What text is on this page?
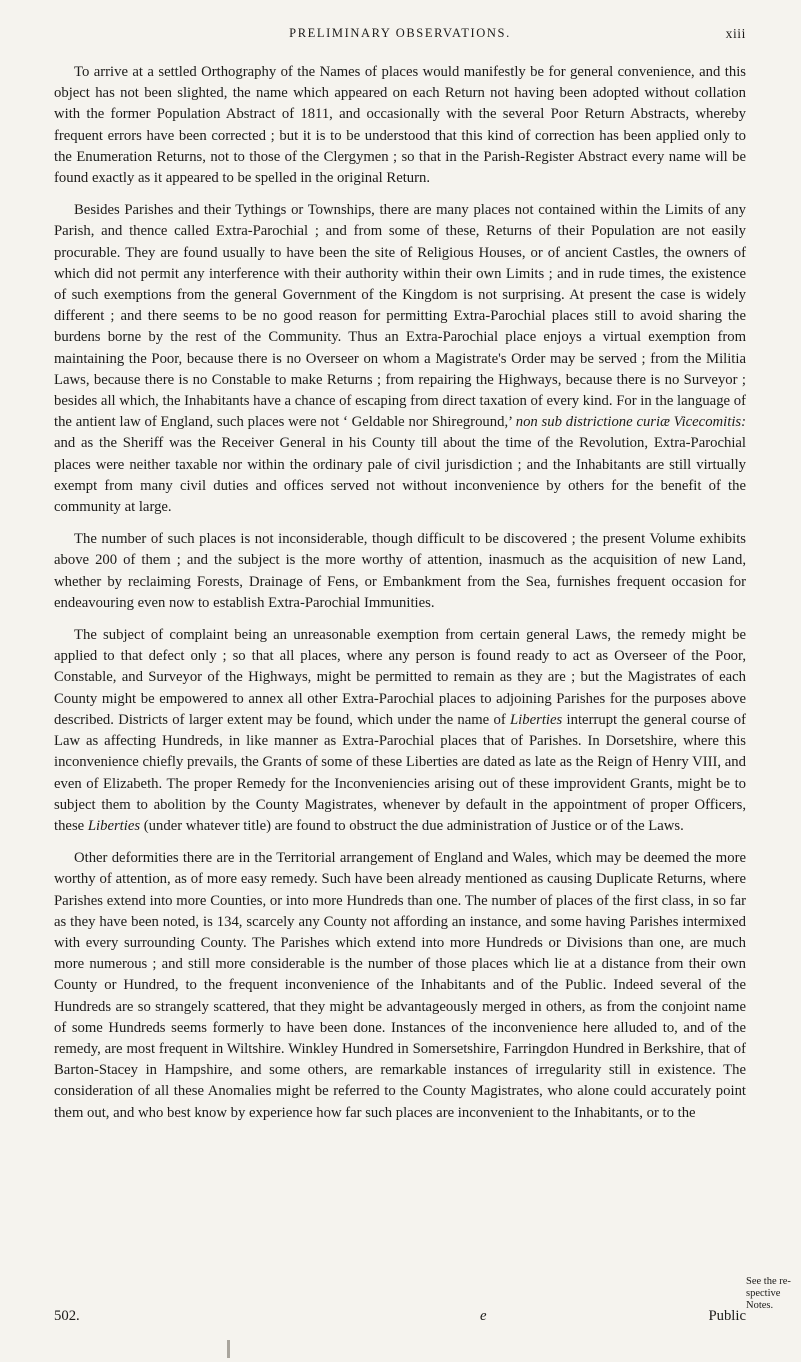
PRELIMINARY OBSERVATIONS.	xiii

To arrive at a settled Orthography of the Names of places would manifestly be for general convenience, and this object has not been slighted, the name which appeared on each Return not having been adopted without collation with the former Population Abstract of 1811, and occasionally with the several Poor Return Abstracts, whereby frequent errors have been corrected ; but it is to be understood that this kind of correction has been applied only to the Enumeration Returns, not to those of the Clergymen ; so that in the Parish-Register Abstract every name will be found exactly as it appeared to be spelled in the original Return.

Besides Parishes and their Tythings or Townships, there are many places not contained within the Limits of any Parish, and thence called Extra-Parochial ; and from some of these, Returns of their Population are not easily procurable. They are found usually to have been the site of Religious Houses, or of ancient Castles, the owners of which did not permit any interference with their authority within their own Limits ; and in rude times, the existence of such exemptions from the general Government of the Kingdom is not surprising. At present the case is widely different ; and there seems to be no good reason for permitting Extra-Parochial places still to avoid sharing the burdens borne by the rest of the Community. Thus an Extra-Parochial place enjoys a virtual exemption from maintaining the Poor, because there is no Overseer on whom a Magistrate's Order may be served ; from the Militia Laws, because there is no Constable to make Returns ; from repairing the Highways, because there is no Surveyor ; besides all which, the Inhabitants have a chance of escaping from direct taxation of every kind. For in the language of the antient law of England, such places were not ‘ Geldable nor Shireground,’ non sub districtione curiæ Vicecomitis: and as the Sheriff was the Receiver General in his County till about the time of the Revolution, Extra-Parochial places were neither taxable nor within the ordinary pale of civil jurisdiction ; and the Inhabitants are still virtually exempt from many civil duties and offices served not without inconvenience by others for the benefit of the community at large.

The number of such places is not inconsiderable, though difficult to be discovered ; the present Volume exhibits above 200 of them ; and the subject is the more worthy of attention, inasmuch as the acquisition of new Land, whether by reclaiming Forests, Drainage of Fens, or Embankment from the Sea, furnishes frequent occasion for endeavouring even now to establish Extra-Parochial Immunities.

The subject of complaint being an unreasonable exemption from certain general Laws, the remedy might be applied to that defect only ; so that all places, where any person is found ready to act as Overseer of the Poor, Constable, and Surveyor of the Highways, might be permitted to remain as they are ; but the Magistrates of each County might be empowered to annex all other Extra-Parochial places to adjoining Parishes for the purposes above described. Districts of larger extent may be found, which under the name of Liberties interrupt the general course of Law as affecting Hundreds, in like manner as Extra-Parochial places that of Parishes. In Dorsetshire, where this inconvenience chiefly prevails, the Grants of some of these Liberties are dated as late as the Reign of Henry VIII, and even of Elizabeth. The proper Remedy for the Inconveniencies arising out of these improvident Grants, might be to subject them to abolition by the County Magistrates, whenever by default in the appointment of proper Officers, these Liberties (under whatever title) are found to obstruct the due administration of Justice or of the Laws.

Other deformities there are in the Territorial arrangement of England and Wales, which may be deemed the more worthy of attention, as of more easy remedy. Such have been already mentioned as causing Duplicate Returns, where Parishes extend into more Counties, or into more Hundreds than one. The number of places of the first class, in so far as they have been noted, is 134, scarcely any County not affording an instance, and some having Parishes intermixed with every surrounding County. The Parishes which extend into more Hundreds or Divisions than one, are much more numerous ; and still more considerable is the number of those places which lie at a distance from their own County or Hundred, to the frequent inconvenience of the Inhabitants and of the Public. Indeed several of the Hundreds are so strangely scattered, that they might be advantageously merged in others, as from the conjoint name of some Hundreds seems formerly to have been done. Instances of the inconvenience here alluded to, and of the remedy, are most frequent in Wiltshire. Winkley Hundred in Somersetshire, Farringdon Hundred in Berkshire, that of Barton-Stacey in Hampshire, and some others, are remarkable instances of irregularity still in existence. The consideration of all these Anomalies might be referred to the County Magistrates, who alone could accurately point them out, and who best know by experience how far such places are inconvenient to the Inhabitants, or to the

502.	e	Public
See the re-
spective Notes.
